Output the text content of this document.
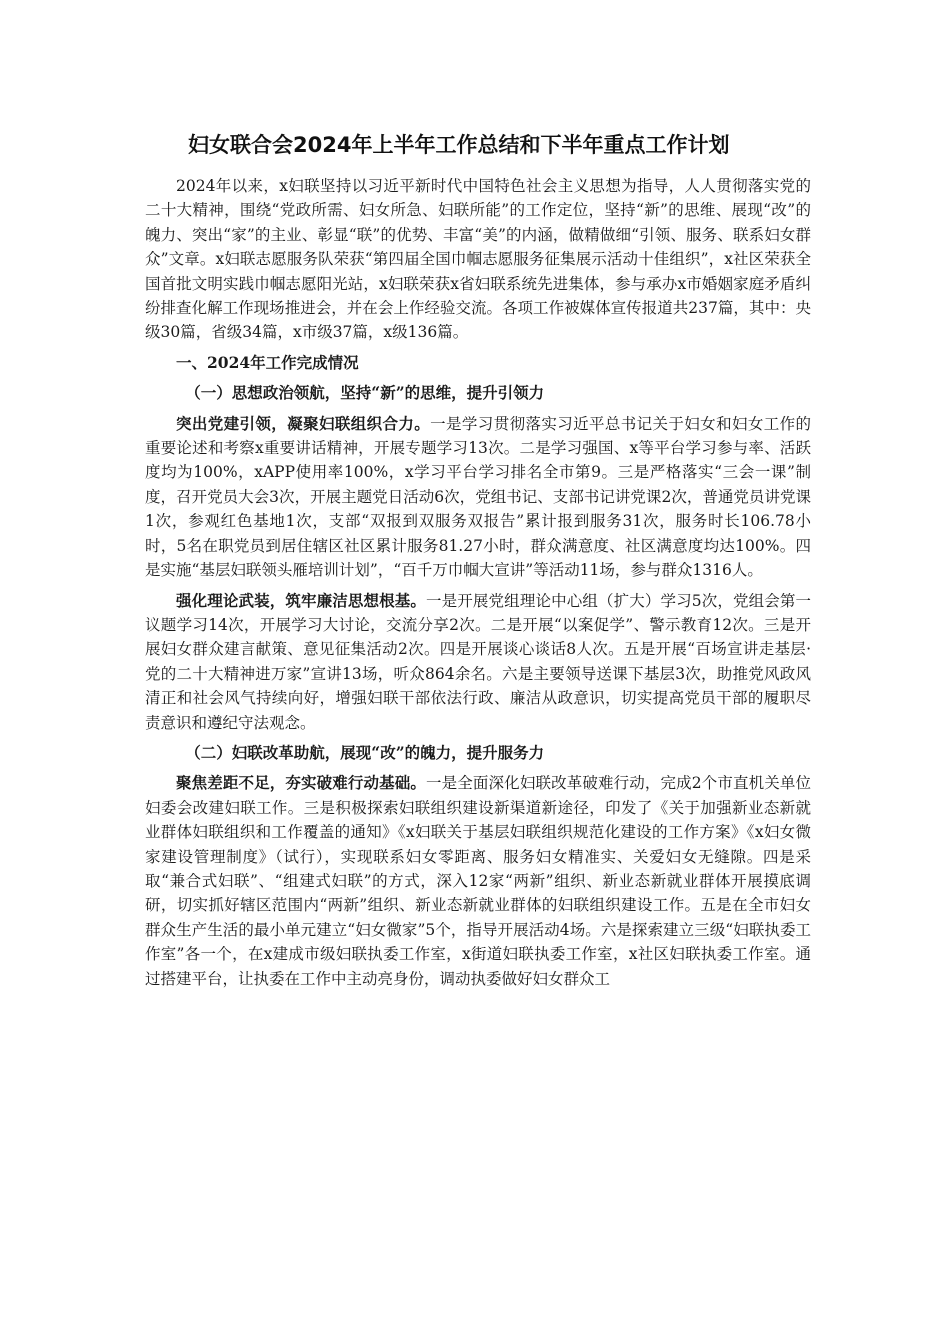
妇女联合会2024年上半年工作总结和下半年重点工作计划

2024年以来，x妇联坚持以习近平新时代中国特色社会主义思想为指导，人人贯彻落实党的二十大精神，围绕“党政所需、妇女所急、妇联所能”的工作定位，坚持“新”的思维、展现“改”的魄力、突出“家”的主业、彰显“联”的优势、丰富“美”的内涵，做精做细“引领、服务、联系妇女群众”文章。x妇联志愿服务队荣获“第四届全国巾帼志愿服务征集展示活动十佳组织”，x社区荣获全国首批文明实践巾帼志愿阳光站，x妇联荣获x省妇联系统先进集体，参与承办x市婚姻家庭矛盾纠纷排查化解工作现场推进会，并在会上作经验交流。各项工作被媒体宣传报道共237篇，其中：央级30篇，省级34篇，x市级37篇，x级136篇。

一、2024年工作完成情况

（一）思想政治领航，坚持“新”的思维，提升引领力

突出党建引领，凝聚妇联组织合力。一是学习贯彻落实习近平总书记关于妇女和妇女工作的重要论述和考察x重要讲话精神，开展专题学习13次。二是学习强国、x等平台学习参与率、活跃度均为100%，xAPP使用率100%，x学习平台学习排名全市第9。三是严格落实“三会一课”制度，召开党员大会3次，开展主题党日活动6次，党组书记、支部书记讲党课2次，普通党员讲党课1次，参观红色基地1次，支部“双报到双服务双报告”累计报到服务31次，服务时长106.78小时，5名在职党员到居住辖区社区累计服务81.27小时，群众满意度、社区满意度均达100%。四是实施“基层妇联领头雁培训计划”，“百千万巾帼大宣讲”等活动11场，参与群众1316人。

强化理论武装，筑牢廉洁思想根基。一是开展党组理论中心组（扩大）学习5次，党组会第一议题学习14次，开展学习大讨论，交流分享2次。二是开展“以案促学”、警示教育12次。三是开展妇女群众建言献策、意见征集活动2次。四是开展谈心谈话8人次。五是开展“百场宣讲走基层·党的二十大精神进万家”宣讲13场，听众864余名。六是主要领导送课下基层3次，助推党风政风清正和社会风气持续向好，增强妇联干部依法行政、廉洁从政意识，切实提高党员干部的履职尽责意识和遵纪守法观念。

（二）妇联改革助航，展现“改”的魄力，提升服务力

聚焦差距不足，夯实破难行动基础。一是全面深化妇联改革破难行动，完成2个市直机关单位妇委会改建妇联工作。三是积极探索妇联组织建设新渠道新途径，印发了《关于加强新业态新就业群体妇联组织和工作覆盖的通知》《x妇联关于基层妇联组织规范化建设的工作方案》《x妇女微家建设管理制度》（试行），实现联系妇女零距离、服务妇女精准实、关爱妇女无缝隙。四是采取“兼合式妇联”、“组建式妇联”的方式，深入12家“两新”组织、新业态新就业群体开展摸底调研，切实抓好辖区范围内“两新”组织、新业态新就业群体的妇联组织建设工作。五是在全市妇女群众生产生活的最小单元建立“妇女微家”5个，指导开展活动4场。六是探索建立三级“妇联执委工作室”各一个，在x建成市级妇联执委工作室，x街道妇联执委工作室，x社区妇联执委工作室。通过搭建平台，让执委在工作中主动亮身份，调动执委做好妇女群众工
